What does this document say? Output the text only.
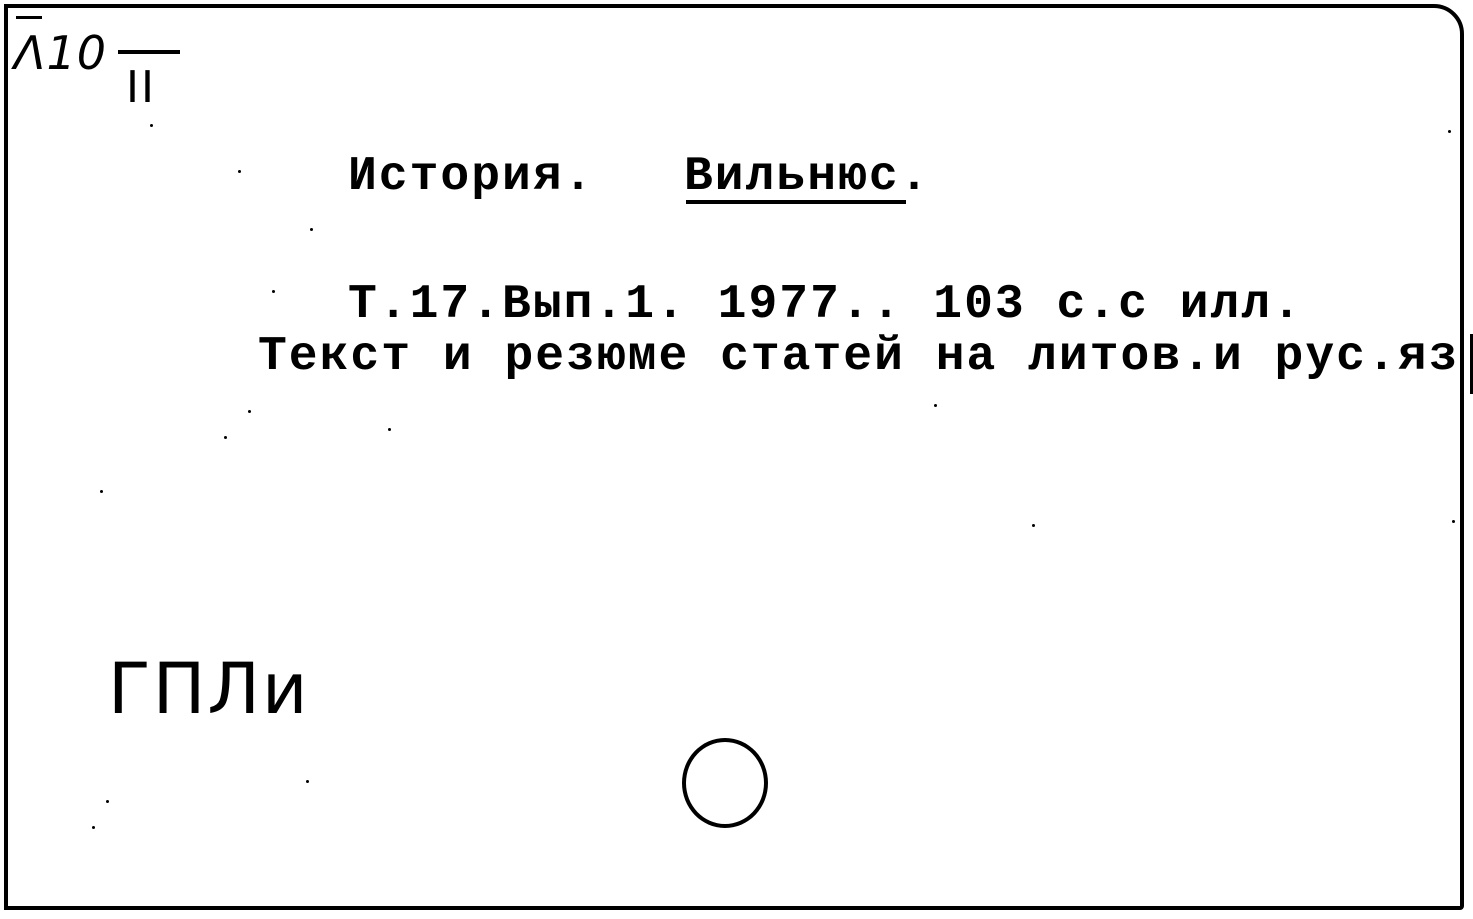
Λ10
II
История. Вильнюс.
Т.17.Вып.1. 1977.. 103 с.с илл.
Текст и резюме статей на литов.и рус.яз
ГПЛи
